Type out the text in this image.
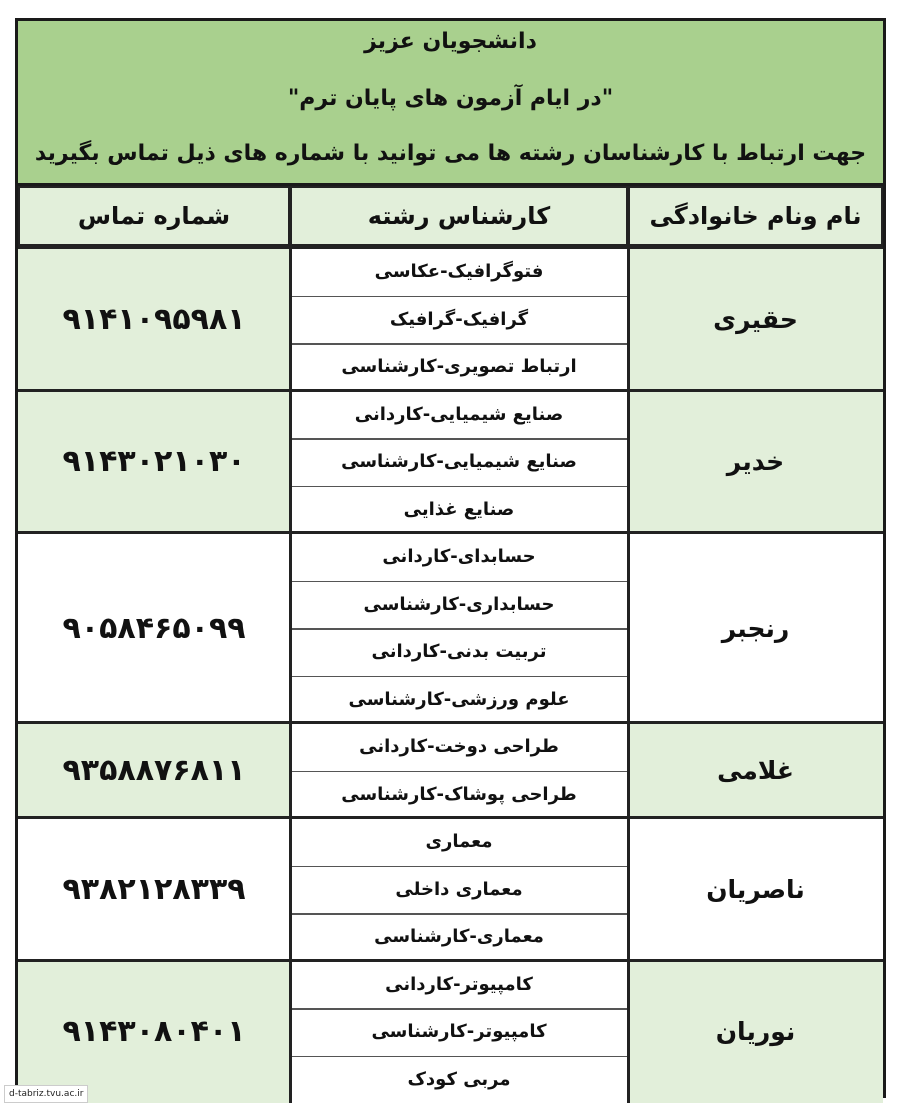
دانشجویان عزیز
"در ایام آزمون های پایان ترم"
جهت ارتباط با کارشناسان رشته ها می توانید با شماره های ذیل تماس بگیرید
نام ونام خانوادگی
کارشناس رشته
شماره تماس
حقیری
۹۱۴۱۰۹۵۹۸۱
فتوگرافیک-عکاسی
گرافیک-گرافیک
ارتباط تصویری-کارشناسی
خدیر
۹۱۴۳۰۲۱۰۳۰
صنایع شیمیایی-کاردانی
صنایع شیمیایی-کارشناسی
صنایع غذایی
رنجبر
۹۰۵۸۴۶۵۰۹۹
حسابدای-کاردانی
حسابداری-کارشناسی
تربیت بدنی-کاردانی
علوم ورزشی-کارشناسی
غلامی
۹۳۵۸۸۷۶۸۱۱
طراحی دوخت-کاردانی
طراحی پوشاک-کارشناسی
ناصریان
۹۳۸۲۱۲۸۳۳۹
معماری
معماری داخلی
معماری-کارشناسی
نوریان
۹۱۴۳۰۸۰۴۰۱
کامپیوتر-کاردانی
کامپیوتر-کارشناسی
مربی کودک
d-tabriz.tvu.ac.ir
